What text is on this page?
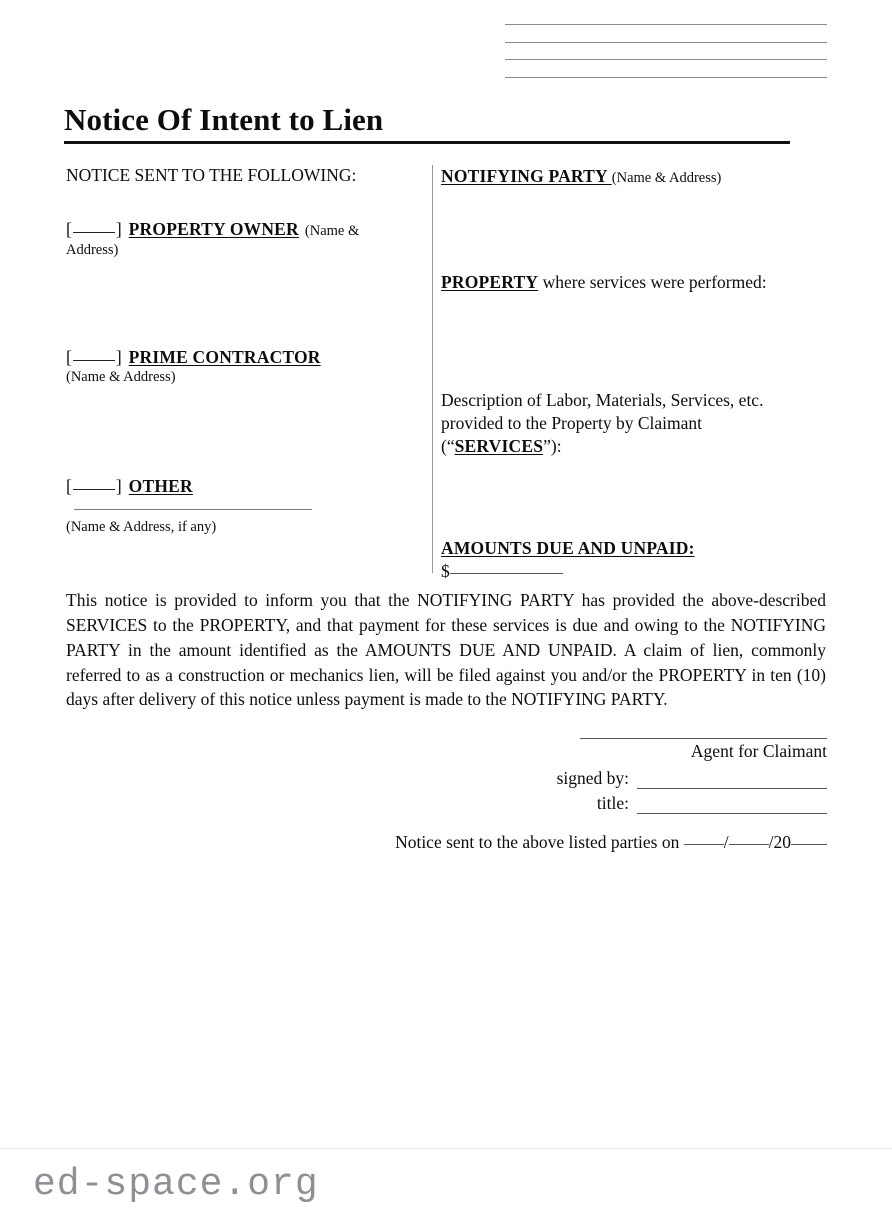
Notice Of Intent to Lien

NOTICE SENT TO THE FOLLOWING:

[	] PROPERTY OWNER (Name &
Address)

[	] PRIME CONTRACTOR
(Name & Address)

[	] OTHER
(Name & Address, if any)

NOTIFYING PARTY (Name & Address)

PROPERTY where services were performed:

Description of Labor, Materials, Services, etc.
provided to the Property by Claimant
(“SERVICES”):

AMOUNTS DUE AND UNPAID:
$

This notice is provided to inform you that the NOTIFYING PARTY has provided the above-described SERVICES to the PROPERTY, and that payment for these services is due and owing to the NOTIFYING PARTY in the amount identified as the AMOUNTS DUE AND UNPAID. A claim of lien, commonly referred to as a construction or mechanics lien, will be filed against you and/or the PROPERTY in ten (10) days after delivery of this notice unless payment is made to the NOTIFYING PARTY.

Agent for Claimant
signed by:
title:
Notice sent to the above listed parties on / /20
ed-space.org
